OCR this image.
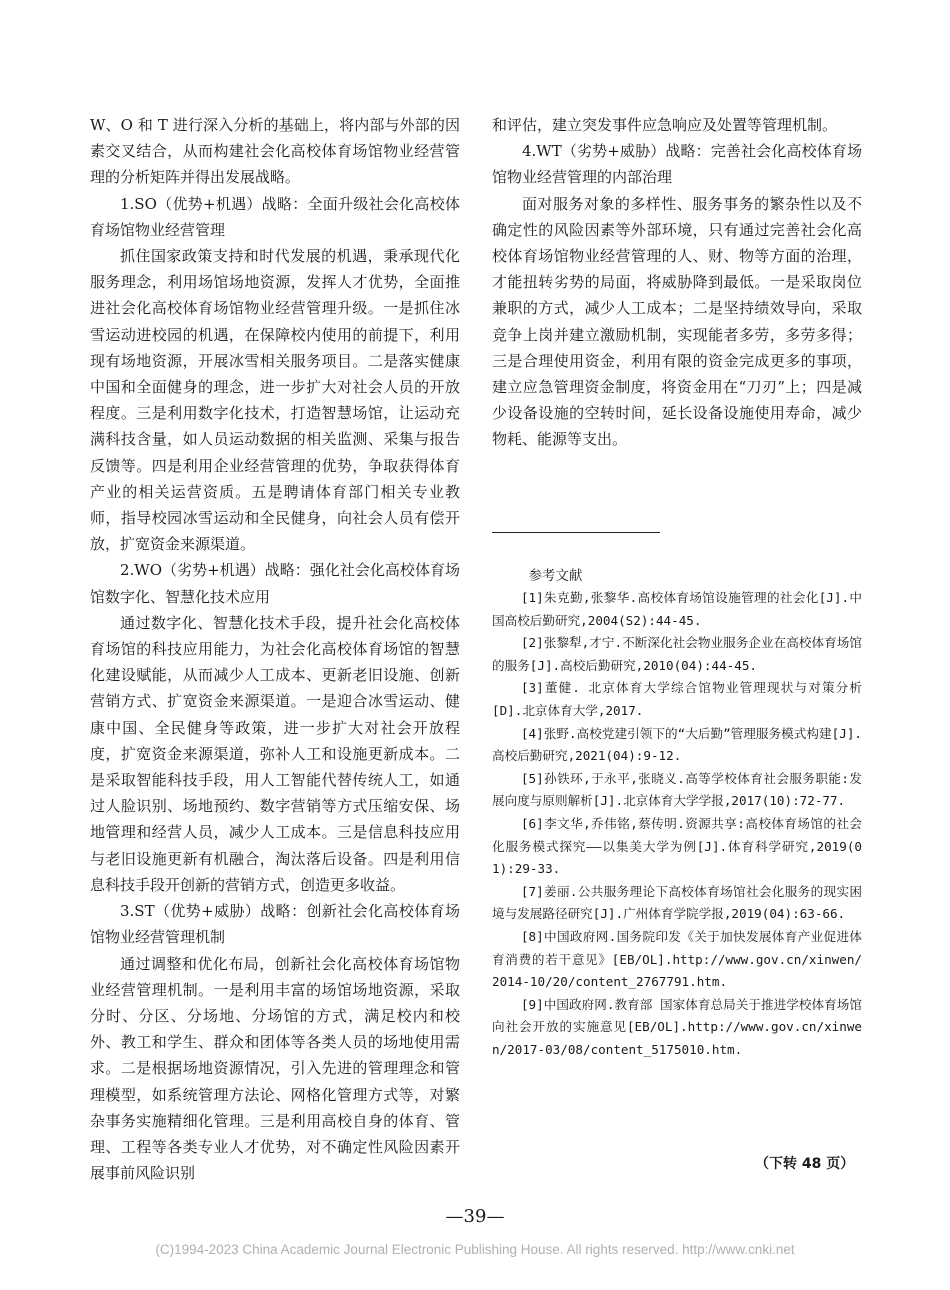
W、O 和 T 进行深入分析的基础上，将内部与外部的因素交叉结合，从而构建社会化高校体育场馆物业经营管理的分析矩阵并得出发展战略。

1.SO（优势+机遇）战略：全面升级社会化高校体育场馆物业经营管理

抓住国家政策支持和时代发展的机遇，秉承现代化服务理念，利用场馆场地资源，发挥人才优势，全面推进社会化高校体育场馆物业经营管理升级。一是抓住冰雪运动进校园的机遇，在保障校内使用的前提下，利用现有场地资源，开展冰雪相关服务项目。二是落实健康中国和全面健身的理念，进一步扩大对社会人员的开放程度。三是利用数字化技术，打造智慧场馆，让运动充满科技含量，如人员运动数据的相关监测、采集与报告反馈等。四是利用企业经营管理的优势，争取获得体育产业的相关运营资质。五是聘请体育部门相关专业教师，指导校园冰雪运动和全民健身，向社会人员有偿开放，扩宽资金来源渠道。

2.WO（劣势+机遇）战略：强化社会化高校体育场馆数字化、智慧化技术应用

通过数字化、智慧化技术手段，提升社会化高校体育场馆的科技应用能力，为社会化高校体育场馆的智慧化建设赋能，从而减少人工成本、更新老旧设施、创新营销方式、扩宽资金来源渠道。一是迎合冰雪运动、健康中国、全民健身等政策，进一步扩大对社会开放程度，扩宽资金来源渠道，弥补人工和设施更新成本。二是采取智能科技手段，用人工智能代替传统人工，如通过人脸识别、场地预约、数字营销等方式压缩安保、场地管理和经营人员，减少人工成本。三是信息科技应用与老旧设施更新有机融合，淘汰落后设备。四是利用信息科技手段开创新的营销方式，创造更多收益。

3.ST（优势+威胁）战略：创新社会化高校体育场馆物业经营管理机制

通过调整和优化布局，创新社会化高校体育场馆物业经营管理机制。一是利用丰富的场馆场地资源，采取分时、分区、分场地、分场馆的方式，满足校内和校外、教工和学生、群众和团体等各类人员的场地使用需求。二是根据场地资源情况，引入先进的管理理念和管理模型，如系统管理方法论、网格化管理方式等，对繁杂事务实施精细化管理。三是利用高校自身的体育、管理、工程等各类专业人才优势，对不确定性风险因素开展事前风险识别

和评估，建立突发事件应急响应及处置等管理机制。

4.WT（劣势+威胁）战略：完善社会化高校体育场馆物业经营管理的内部治理

面对服务对象的多样性、服务事务的繁杂性以及不确定性的风险因素等外部环境，只有通过完善社会化高校体育场馆物业经营管理的人、财、物等方面的治理，才能扭转劣势的局面，将威胁降到最低。一是采取岗位兼职的方式，减少人工成本；二是坚持绩效导向，采取竞争上岗并建立激励机制，实现能者多劳，多劳多得；三是合理使用资金，利用有限的资金完成更多的事项，建立应急管理资金制度，将资金用在“刀刃”上；四是减少设备设施的空转时间，延长设备设施使用寿命，减少物耗、能源等支出。

参考文献

[1]朱克勤,张黎华.高校体育场馆设施管理的社会化[J].中国高校后勤研究,2004(S2):44-45.

[2]张黎犁,才宁.不断深化社会物业服务企业在高校体育场馆的服务[J].高校后勤研究,2010(04):44-45.

[3]董健. 北京体育大学综合馆物业管理现状与对策分析[D].北京体育大学,2017.

[4]张野.高校党建引领下的“大后勤”管理服务模式构建[J].高校后勤研究,2021(04):9-12.

[5]孙铁环,于永平,张晓义.高等学校体育社会服务职能:发展向度与原则解析[J].北京体育大学学报,2017(10):72-77.

[6]李文华,乔伟铭,蔡传明.资源共享:高校体育场馆的社会化服务模式探究——以集美大学为例[J].体育科学研究,2019(01):29-33.

[7]姜丽.公共服务理论下高校体育场馆社会化服务的现实困境与发展路径研究[J].广州体育学院学报,2019(04):63-66.

[8]中国政府网.国务院印发《关于加快发展体育产业促进体育消费的若干意见》[EB/OL].http://www.gov.cn/xinwen/2014-10/20/content_2767791.htm.

[9]中国政府网.教育部 国家体育总局关于推进学校体育场馆向社会开放的实施意见[EB/OL].http://www.gov.cn/xinwen/2017-03/08/content_5175010.htm.

（下转 48 页）
—39—
(C)1994-2023 China Academic Journal Electronic Publishing House. All rights reserved. http://www.cnki.net
